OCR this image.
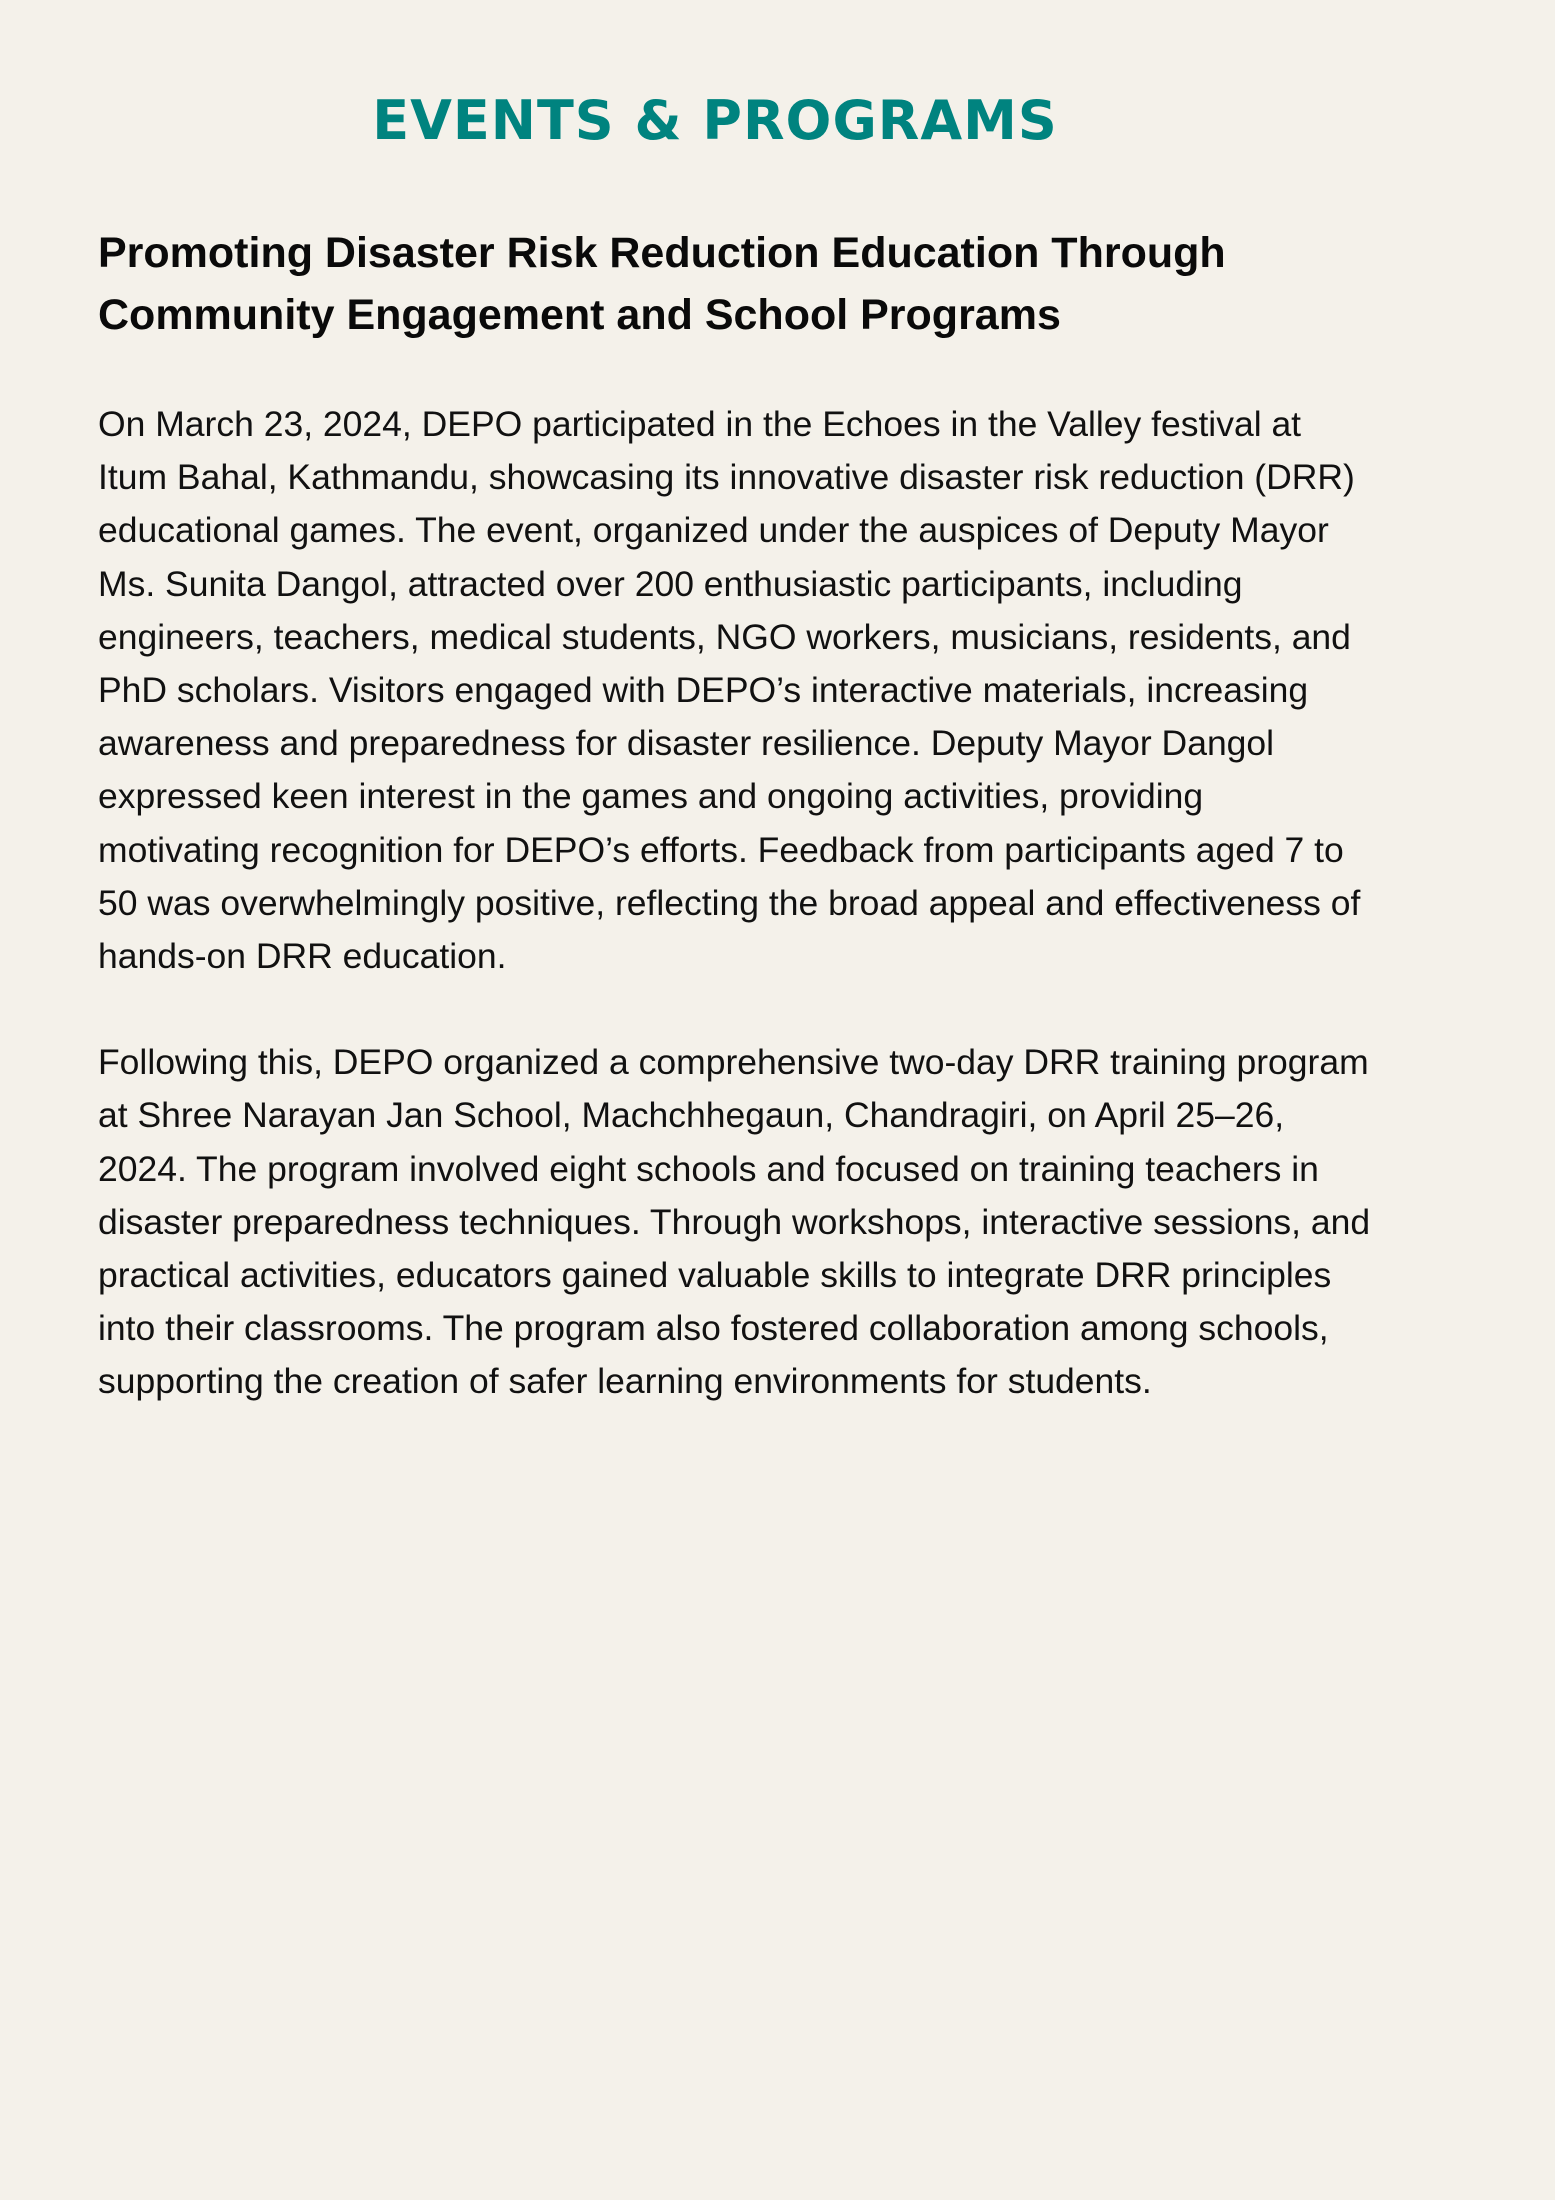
EVENTS & PROGRAMS
Promoting Disaster Risk Reduction Education Through
Community Engagement and School Programs

On March 23, 2024, DEPO participated in the Echoes in the Valley festival at
Itum Bahal, Kathmandu, showcasing its innovative disaster risk reduction (DRR)
educational games. The event, organized under the auspices of Deputy Mayor
Ms. Sunita Dangol, attracted over 200 enthusiastic participants, including
engineers, teachers, medical students, NGO workers, musicians, residents, and
PhD scholars. Visitors engaged with DEPO’s interactive materials, increasing
awareness and preparedness for disaster resilience. Deputy Mayor Dangol
expressed keen interest in the games and ongoing activities, providing
motivating recognition for DEPO’s efforts. Feedback from participants aged 7 to
50 was overwhelmingly positive, reflecting the broad appeal and effectiveness of
hands-on DRR education.

Following this, DEPO organized a comprehensive two-day DRR training program
at Shree Narayan Jan School, Machchhegaun, Chandragiri, on April 25–26,
2024. The program involved eight schools and focused on training teachers in
disaster preparedness techniques. Through workshops, interactive sessions, and
practical activities, educators gained valuable skills to integrate DRR principles
into their classrooms. The program also fostered collaboration among schools,
supporting the creation of safer learning environments for students.
